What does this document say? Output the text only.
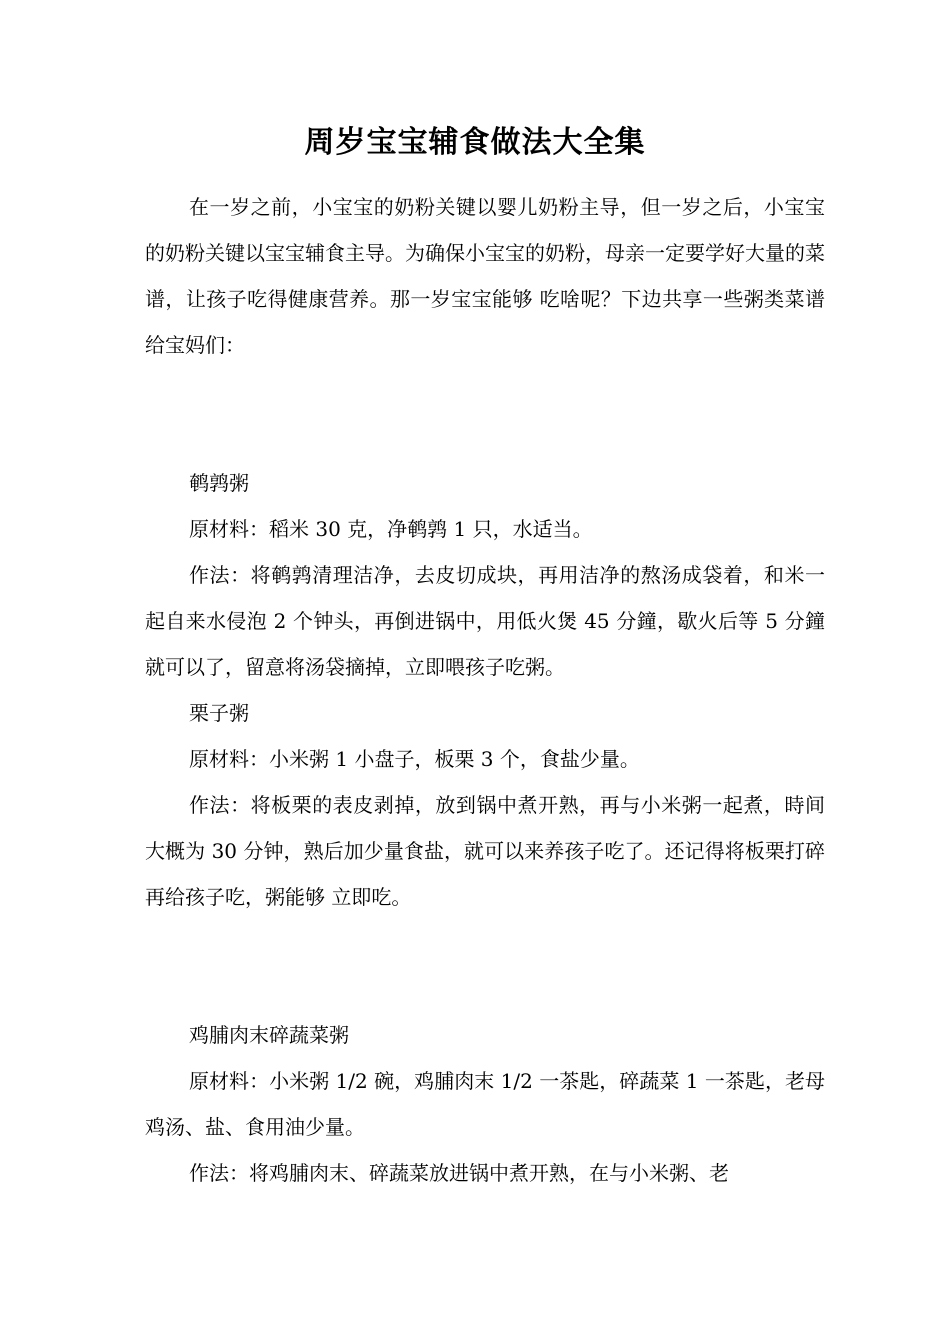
周岁宝宝辅食做法大全集

在一岁之前，小宝宝的奶粉关键以婴儿奶粉主导，但一岁之后，小宝宝的奶粉关键以宝宝辅食主导。为确保小宝宝的奶粉，母亲一定要学好大量的菜谱，让孩子吃得健康营养。那一岁宝宝能够 吃啥呢？下边共享一些粥类菜谱给宝妈们：

鹌鹑粥

原材料：稻米 30 克，净鹌鹑 1 只，水适当。

作法：将鹌鹑清理洁净，去皮切成块，再用洁净的熬汤成袋着，和米一起自来水侵泡 2 个钟头，再倒进锅中，用低火煲 45 分鐘，歇火后等 5 分鐘就可以了，留意将汤袋摘掉，立即喂孩子吃粥。

栗子粥

原材料：小米粥 1 小盘子，板栗 3 个，食盐少量。

作法：将板栗的表皮剥掉，放到锅中煮开熟，再与小米粥一起煮，時间大概为 30 分钟，熟后加少量食盐，就可以来养孩子吃了。还记得将板栗打碎再给孩子吃，粥能够 立即吃。

鸡脯肉末碎蔬菜粥

原材料：小米粥 1/2 碗，鸡脯肉末 1/2 一茶匙，碎蔬菜 1 一茶匙，老母鸡汤、盐、食用油少量。

作法：将鸡脯肉末、碎蔬菜放进锅中煮开熟，在与小米粥、老
